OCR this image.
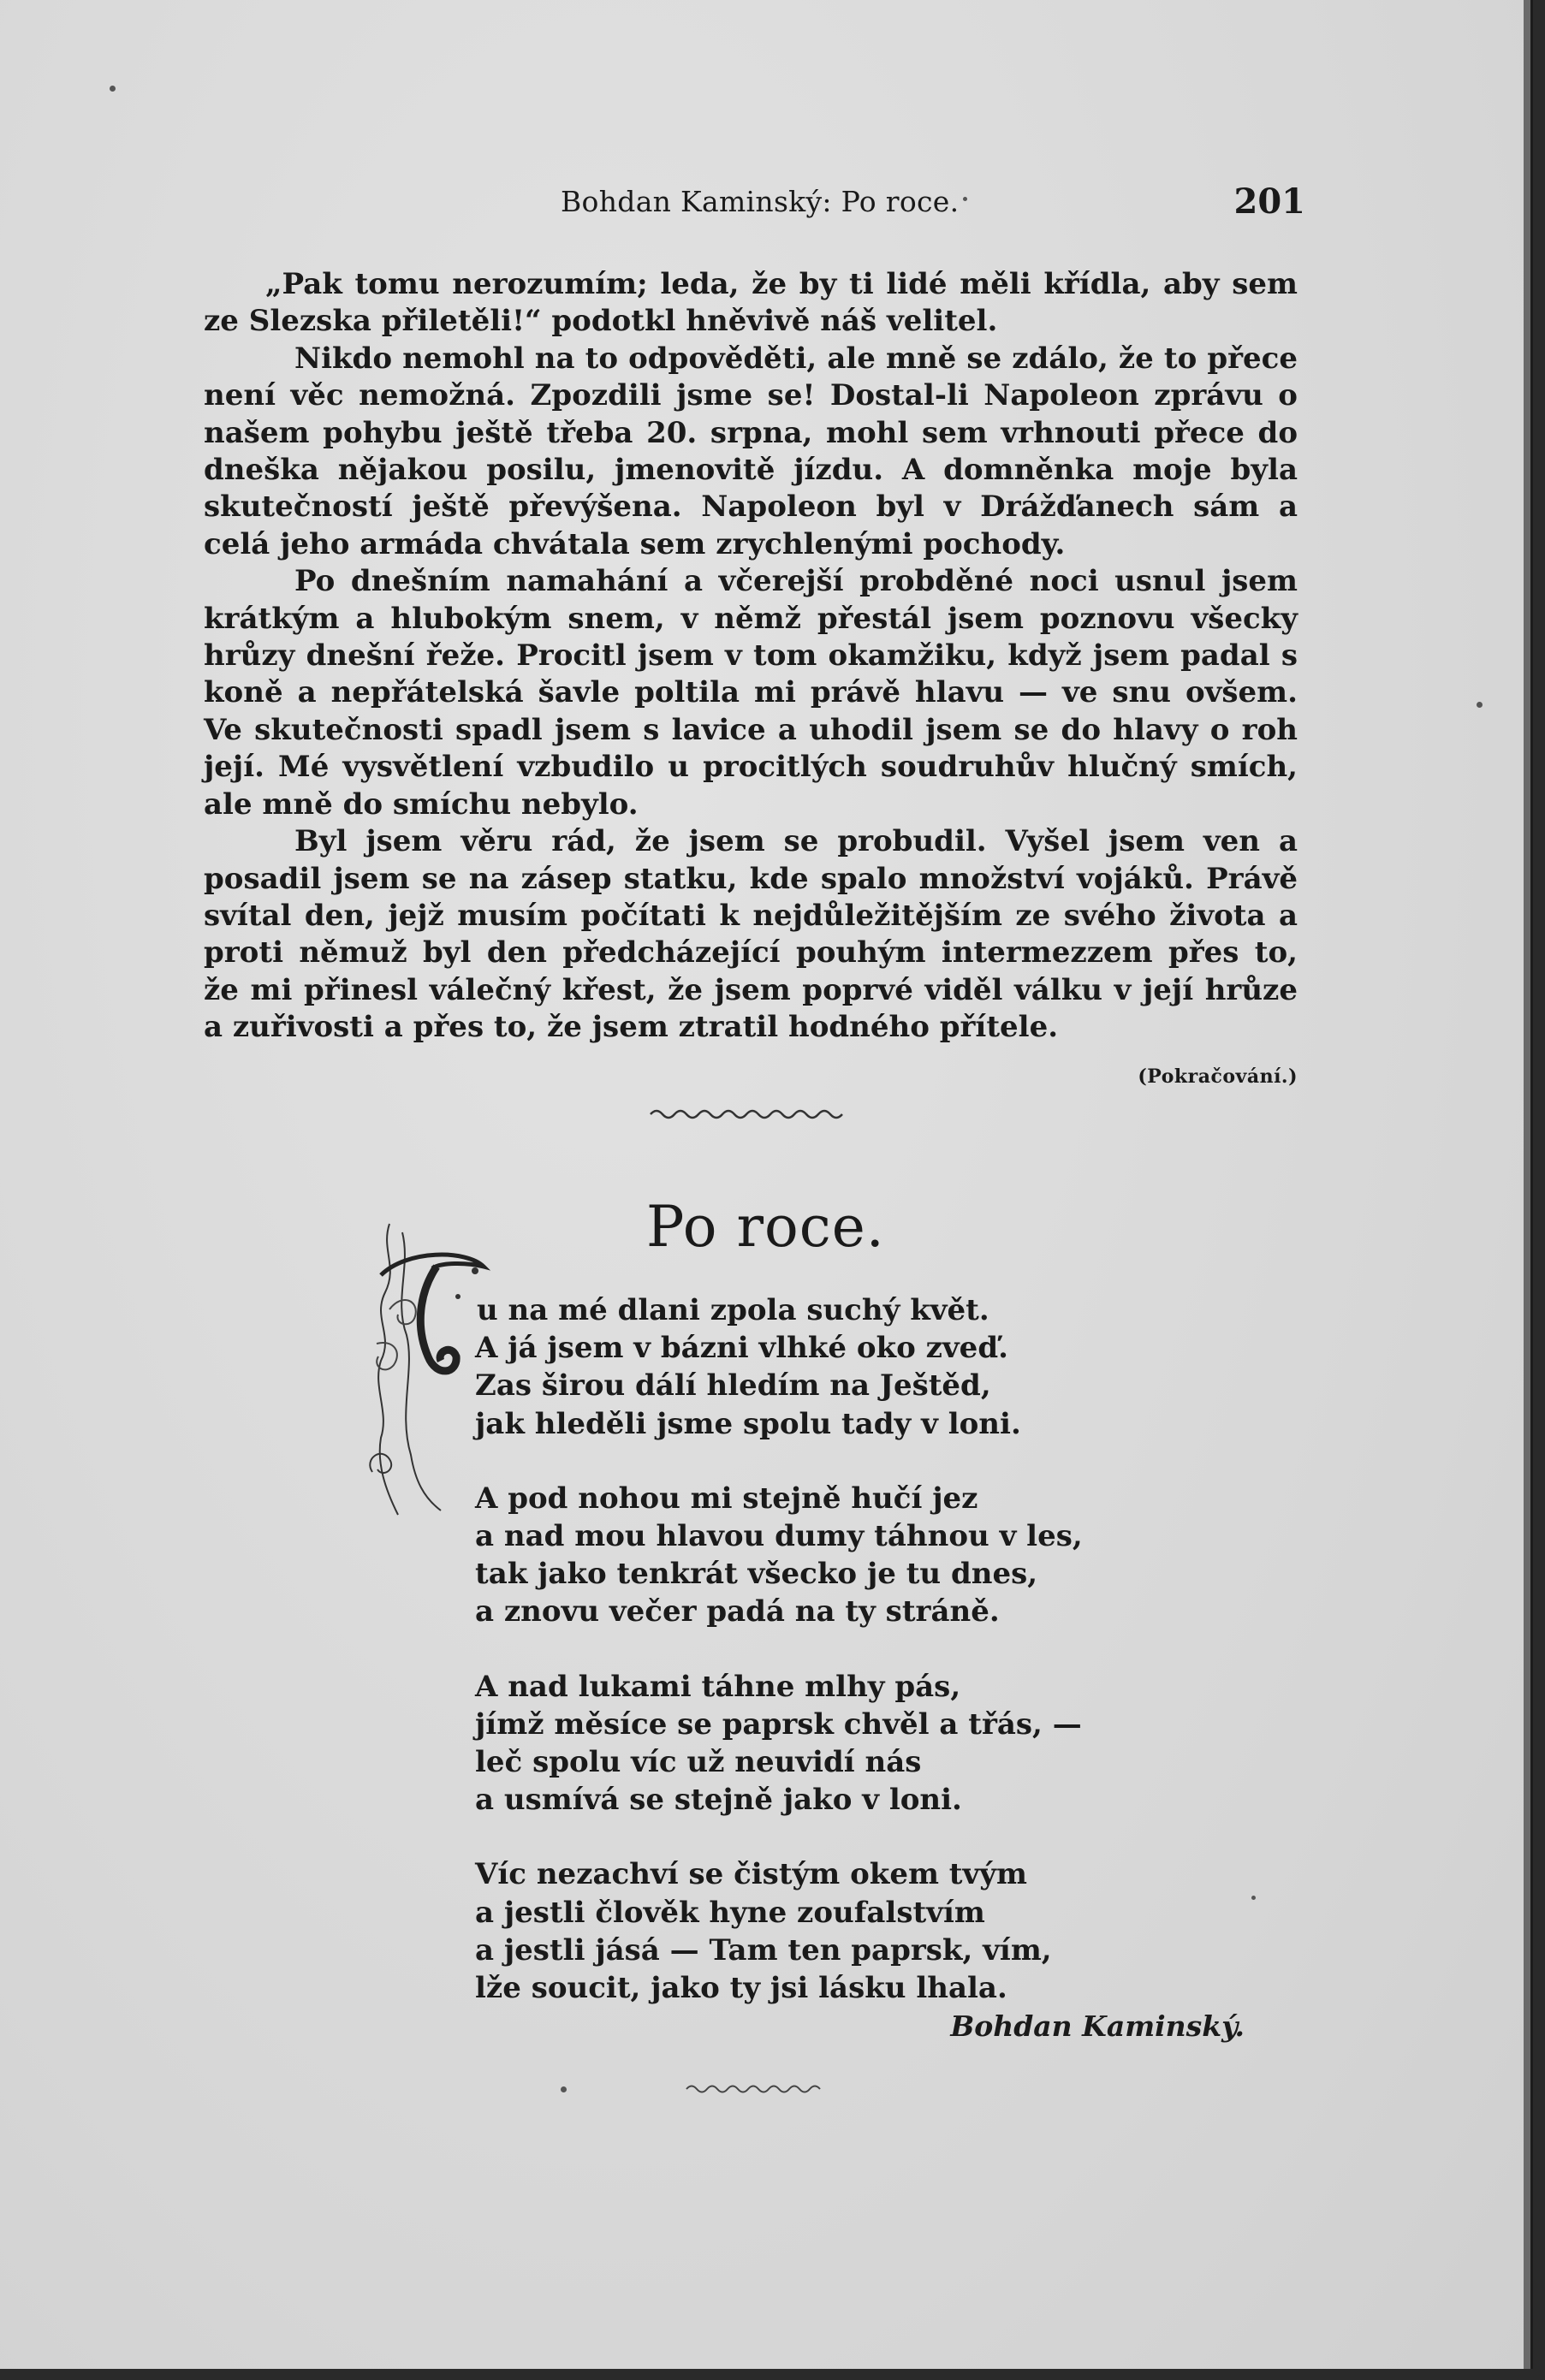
Bohdan Kaminský: Po roce.	201

„Pak tomu nerozumím; leda, že by ti lidé měli křídla, aby sem ze Slezska přiletěli!“ podotkl hněvivě náš velitel.

Nikdo nemohl na to odpověděti, ale mně se zdálo, že to přece není věc nemožná. Zpozdili jsme se! Dostal-li Napoleon zprávu o našem pohybu ještě třeba 20. srpna, mohl sem vrhnouti přece do dneška nějakou posilu, jmenovitě jízdu. A domněnka moje byla skutečností ještě převýšena. Napoleon byl v Drážďanech sám a celá jeho armáda chvátala sem zrychlenými pochody.

Po dnešním namahání a včerejší probděné noci usnul jsem krátkým a hlubokým snem, v němž přestál jsem poznovu všecky hrůzy dnešní řeže. Procitl jsem v tom okamžiku, když jsem padal s koně a nepřátelská šavle poltila mi právě hlavu — ve snu ovšem. Ve skutečnosti spadl jsem s lavice a uhodil jsem se do hlavy o roh její. Mé vysvětlení vzbudilo u procitlých soudruhův hlučný smích, ale mně do smíchu nebylo.

Byl jsem věru rád, že jsem se probudil. Vyšel jsem ven a posadil jsem se na zásep statku, kde spalo množství vojáků. Právě svítal den, jejž musím počítati k nejdůležitějším ze svého života a proti němuž byl den předcházející pouhým intermezzem přes to, že mi přinesl válečný křest, že jsem poprvé viděl válku v její hrůze a zuřivosti a přes to, že jsem ztratil hodného přítele.
(Pokračování.)

Po roce.
u na mé dlani zpola suchý květ.
A já jsem v bázni vlhké oko zveď.
Zas širou dálí hledím na Ještěd,
jak hleděli jsme spolu tady v loni.
A pod nohou mi stejně hučí jez
a nad mou hlavou dumy táhnou v les,
tak jako tenkrát všecko je tu dnes,
a znovu večer padá na ty stráně.
A nad lukami táhne mlhy pás,
jímž měsíce se paprsk chvěl a třás, —
leč spolu víc už neuvidí nás
a usmívá se stejně jako v loni.
Víc nezachví se čistým okem tvým
a jestli člověk hyne zoufalstvím
a jestli jásá — Tam ten paprsk, vím,
lže soucit, jako ty jsi lásku lhala.
Bohdan Kaminský.
